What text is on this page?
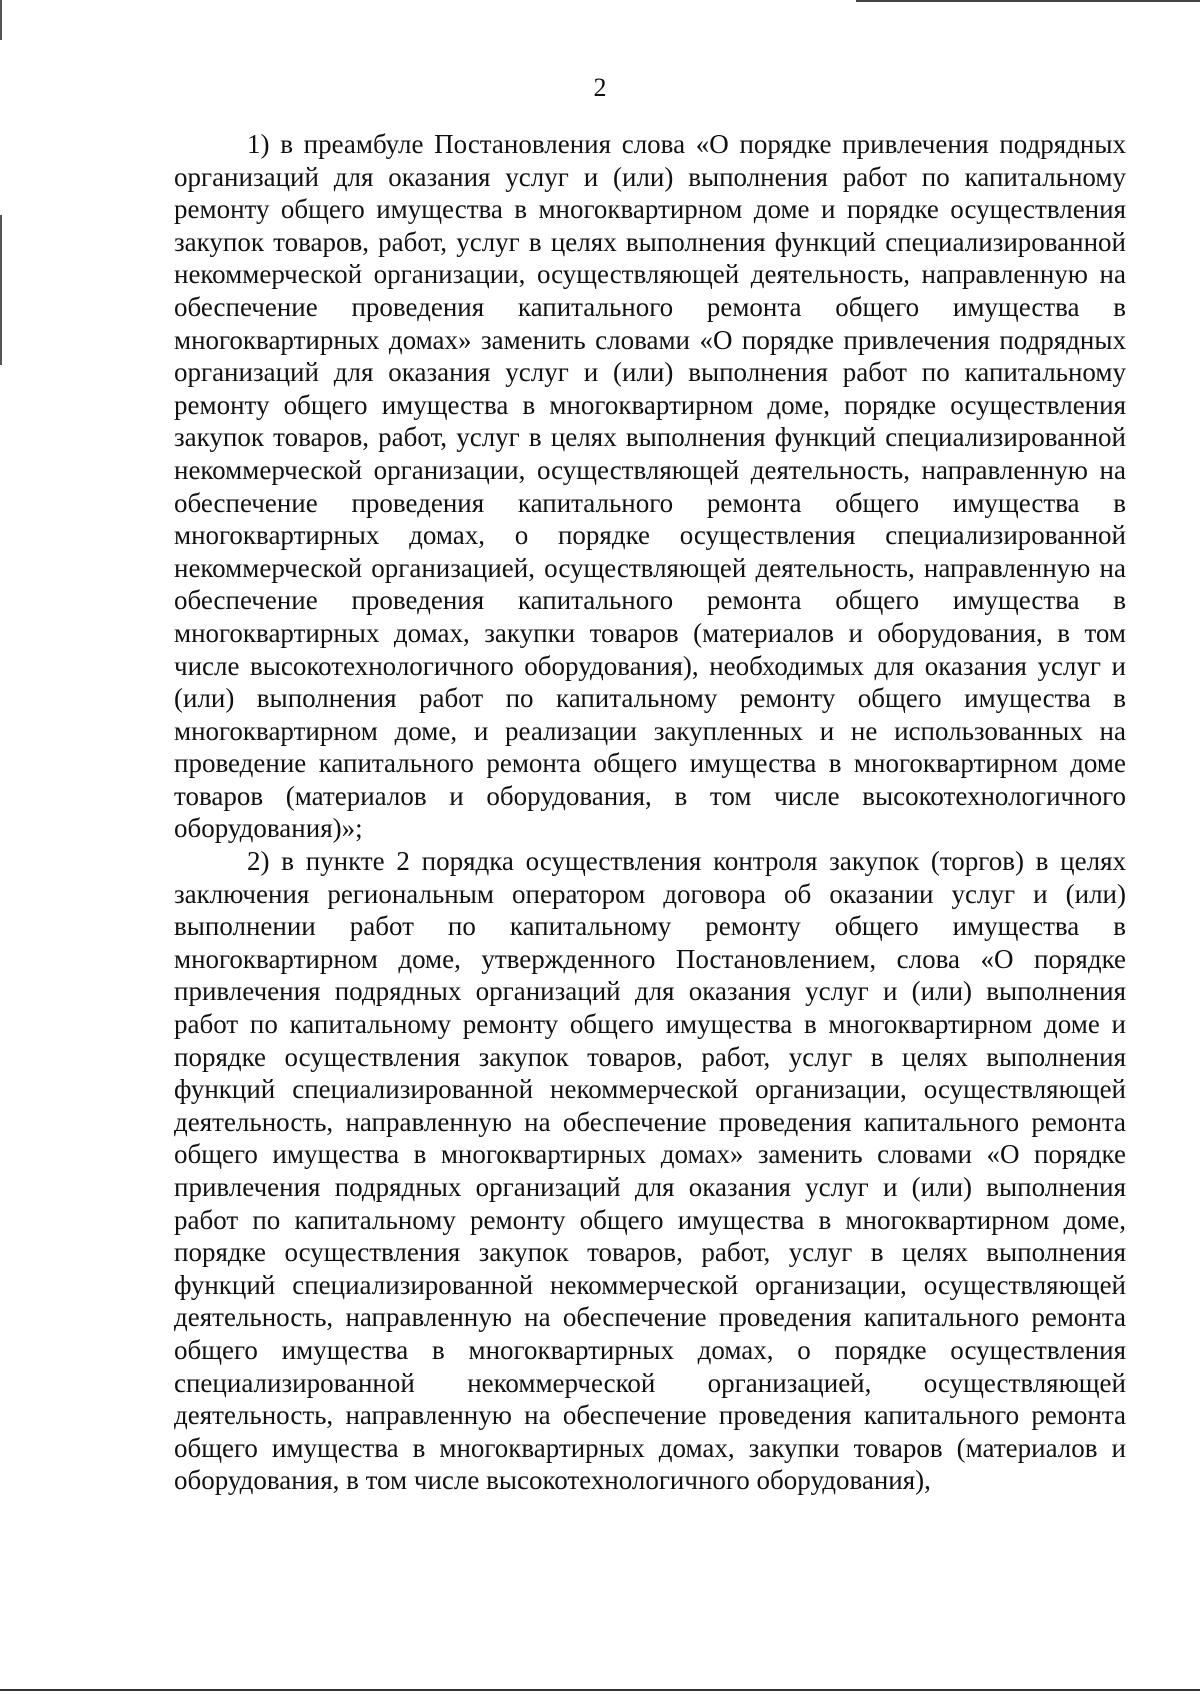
2

1) в преамбуле Постановления слова «О порядке привлечения подрядных организаций для оказания услуг и (или) выполнения работ по капитальному ремонту общего имущества в многоквартирном доме и порядке осуществления закупок товаров, работ, услуг в целях выполнения функций специализированной некоммерческой организации, осуществляющей деятельность, направленную на обеспечение проведения капитального ремонта общего имущества в многоквартирных домах» заменить словами «О порядке привлечения подрядных организаций для оказания услуг и (или) выполнения работ по капитальному ремонту общего имущества в многоквартирном доме, порядке осуществления закупок товаров, работ, услуг в целях выполнения функций специализированной некоммерческой организации, осуществляющей деятельность, направленную на обеспечение проведения капитального ремонта общего имущества в многоквартирных домах, о порядке осуществления специализированной некоммерческой организацией, осуществляющей деятельность, направленную на обеспечение проведения капитального ремонта общего имущества в многоквартирных домах, закупки товаров (материалов и оборудования, в том числе высокотехнологичного оборудования), необходимых для оказания услуг и (или) выполнения работ по капитальному ремонту общего имущества в многоквартирном доме, и реализации закупленных и не использованных на проведение капитального ремонта общего имущества в многоквартирном доме товаров (материалов и оборудования, в том числе высокотехнологичного оборудования)»;

2) в пункте 2 порядка осуществления контроля закупок (торгов) в целях заключения региональным оператором договора об оказании услуг и (или) выполнении работ по капитальному ремонту общего имущества в многоквартирном доме, утвержденного Постановлением, слова «О порядке привлечения подрядных организаций для оказания услуг и (или) выполнения работ по капитальному ремонту общего имущества в многоквартирном доме и порядке осуществления закупок товаров, работ, услуг в целях выполнения функций специализированной некоммерческой организации, осуществляющей деятельность, направленную на обеспечение проведения капитального ремонта общего имущества в многоквартирных домах» заменить словами «О порядке привлечения подрядных организаций для оказания услуг и (или) выполнения работ по капитальному ремонту общего имущества в многоквартирном доме, порядке осуществления закупок товаров, работ, услуг в целях выполнения функций специализированной некоммерческой организации, осуществляющей деятельность, направленную на обеспечение проведения капитального ремонта общего имущества в многоквартирных домах, о порядке осуществления специализированной некоммерческой организацией, осуществляющей деятельность, направленную на обеспечение проведения капитального ремонта общего имущества в многоквартирных домах, закупки товаров (материалов и оборудования, в том числе высокотехнологичного оборудования),
